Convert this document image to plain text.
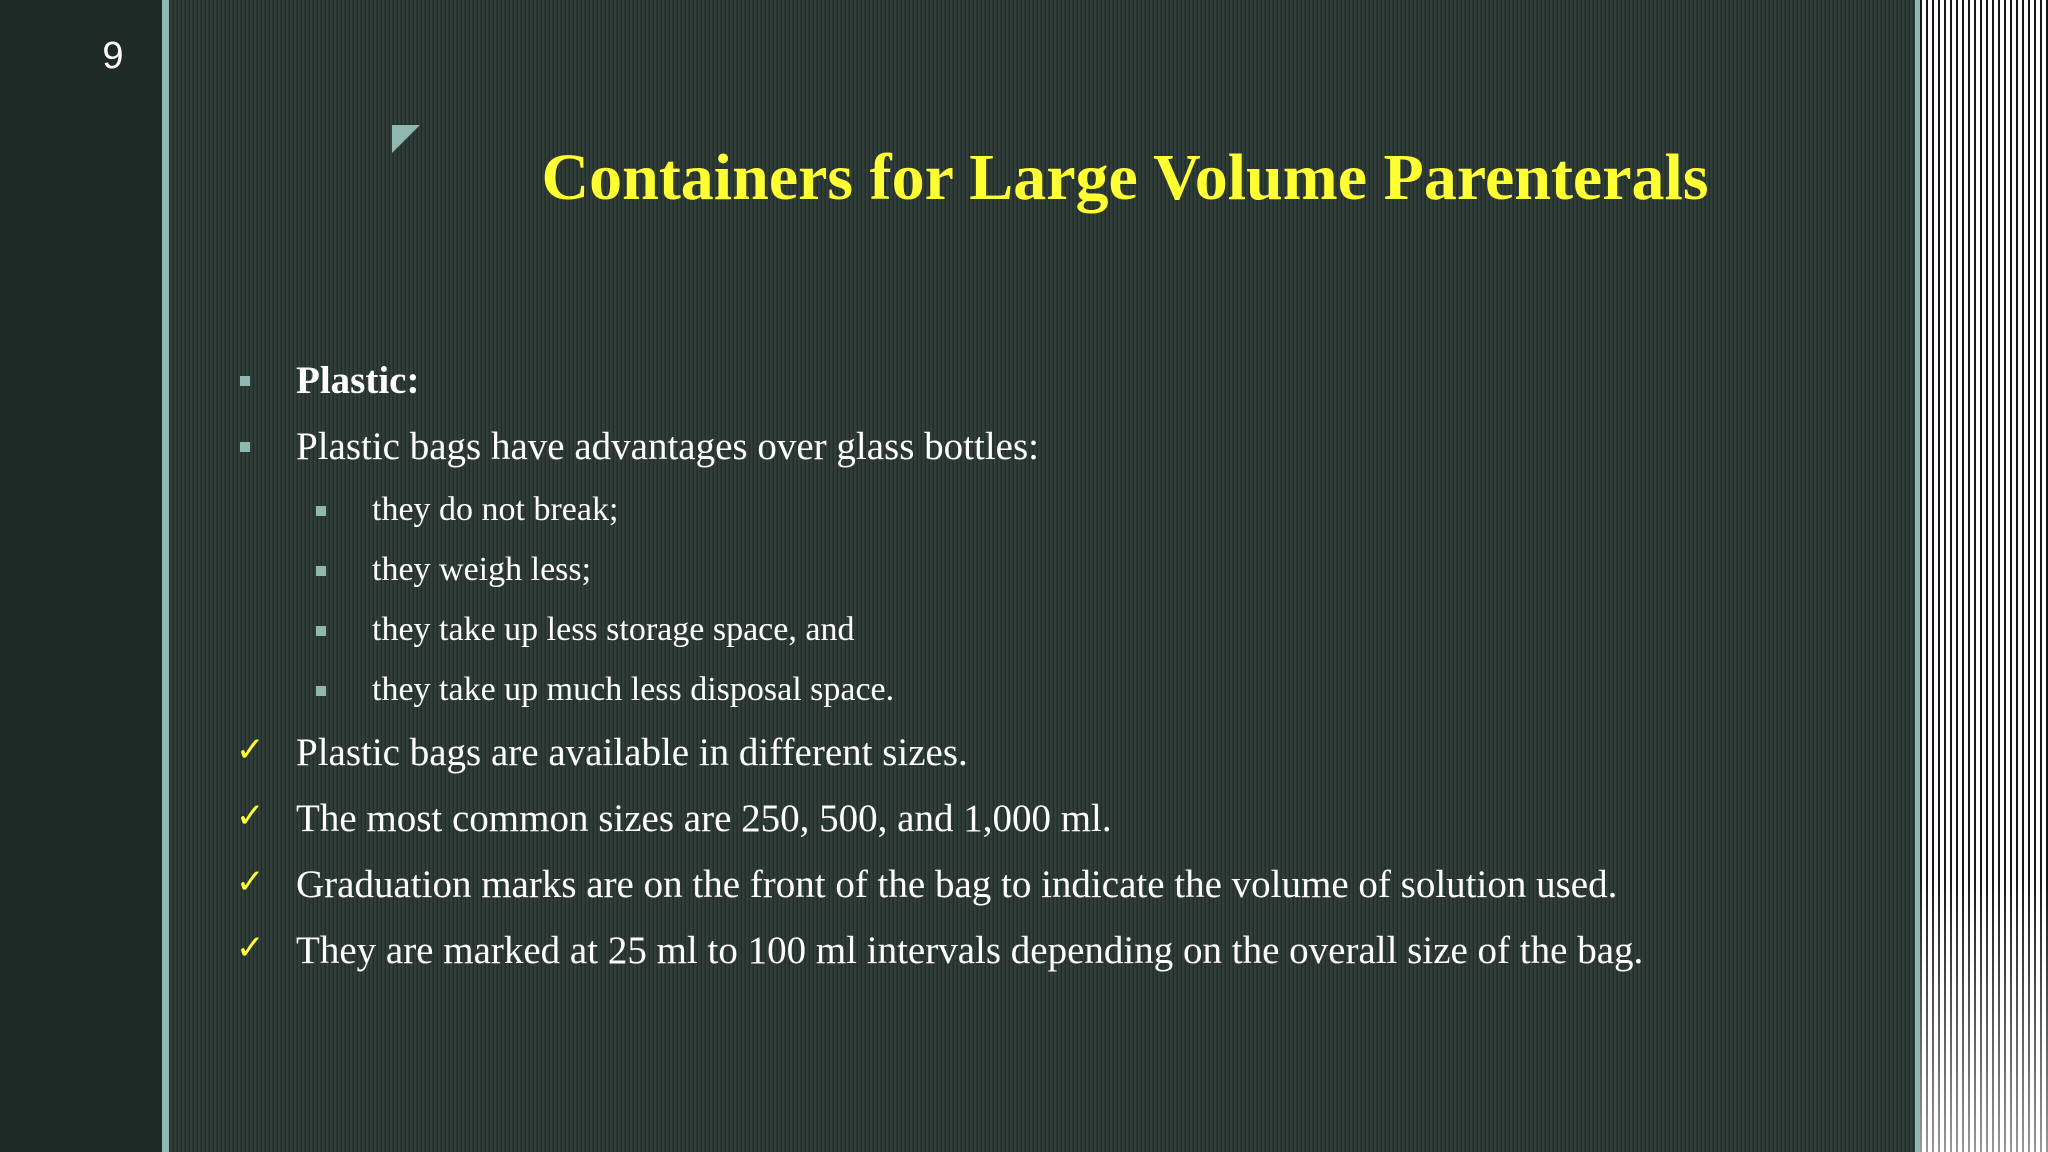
9
Containers for Large Volume Parenterals
Plastic:
Plastic bags have advantages over glass bottles:
they do not break;
they weigh less;
they take up less storage space, and
they take up much less disposal space.
✓ Plastic bags are available in different sizes.
✓ The most common sizes are 250, 500, and 1,000 ml.
✓ Graduation marks are on the front of the bag to indicate the volume of solution used.
✓ They are marked at 25 ml to 100 ml intervals depending on the overall size of the bag.
